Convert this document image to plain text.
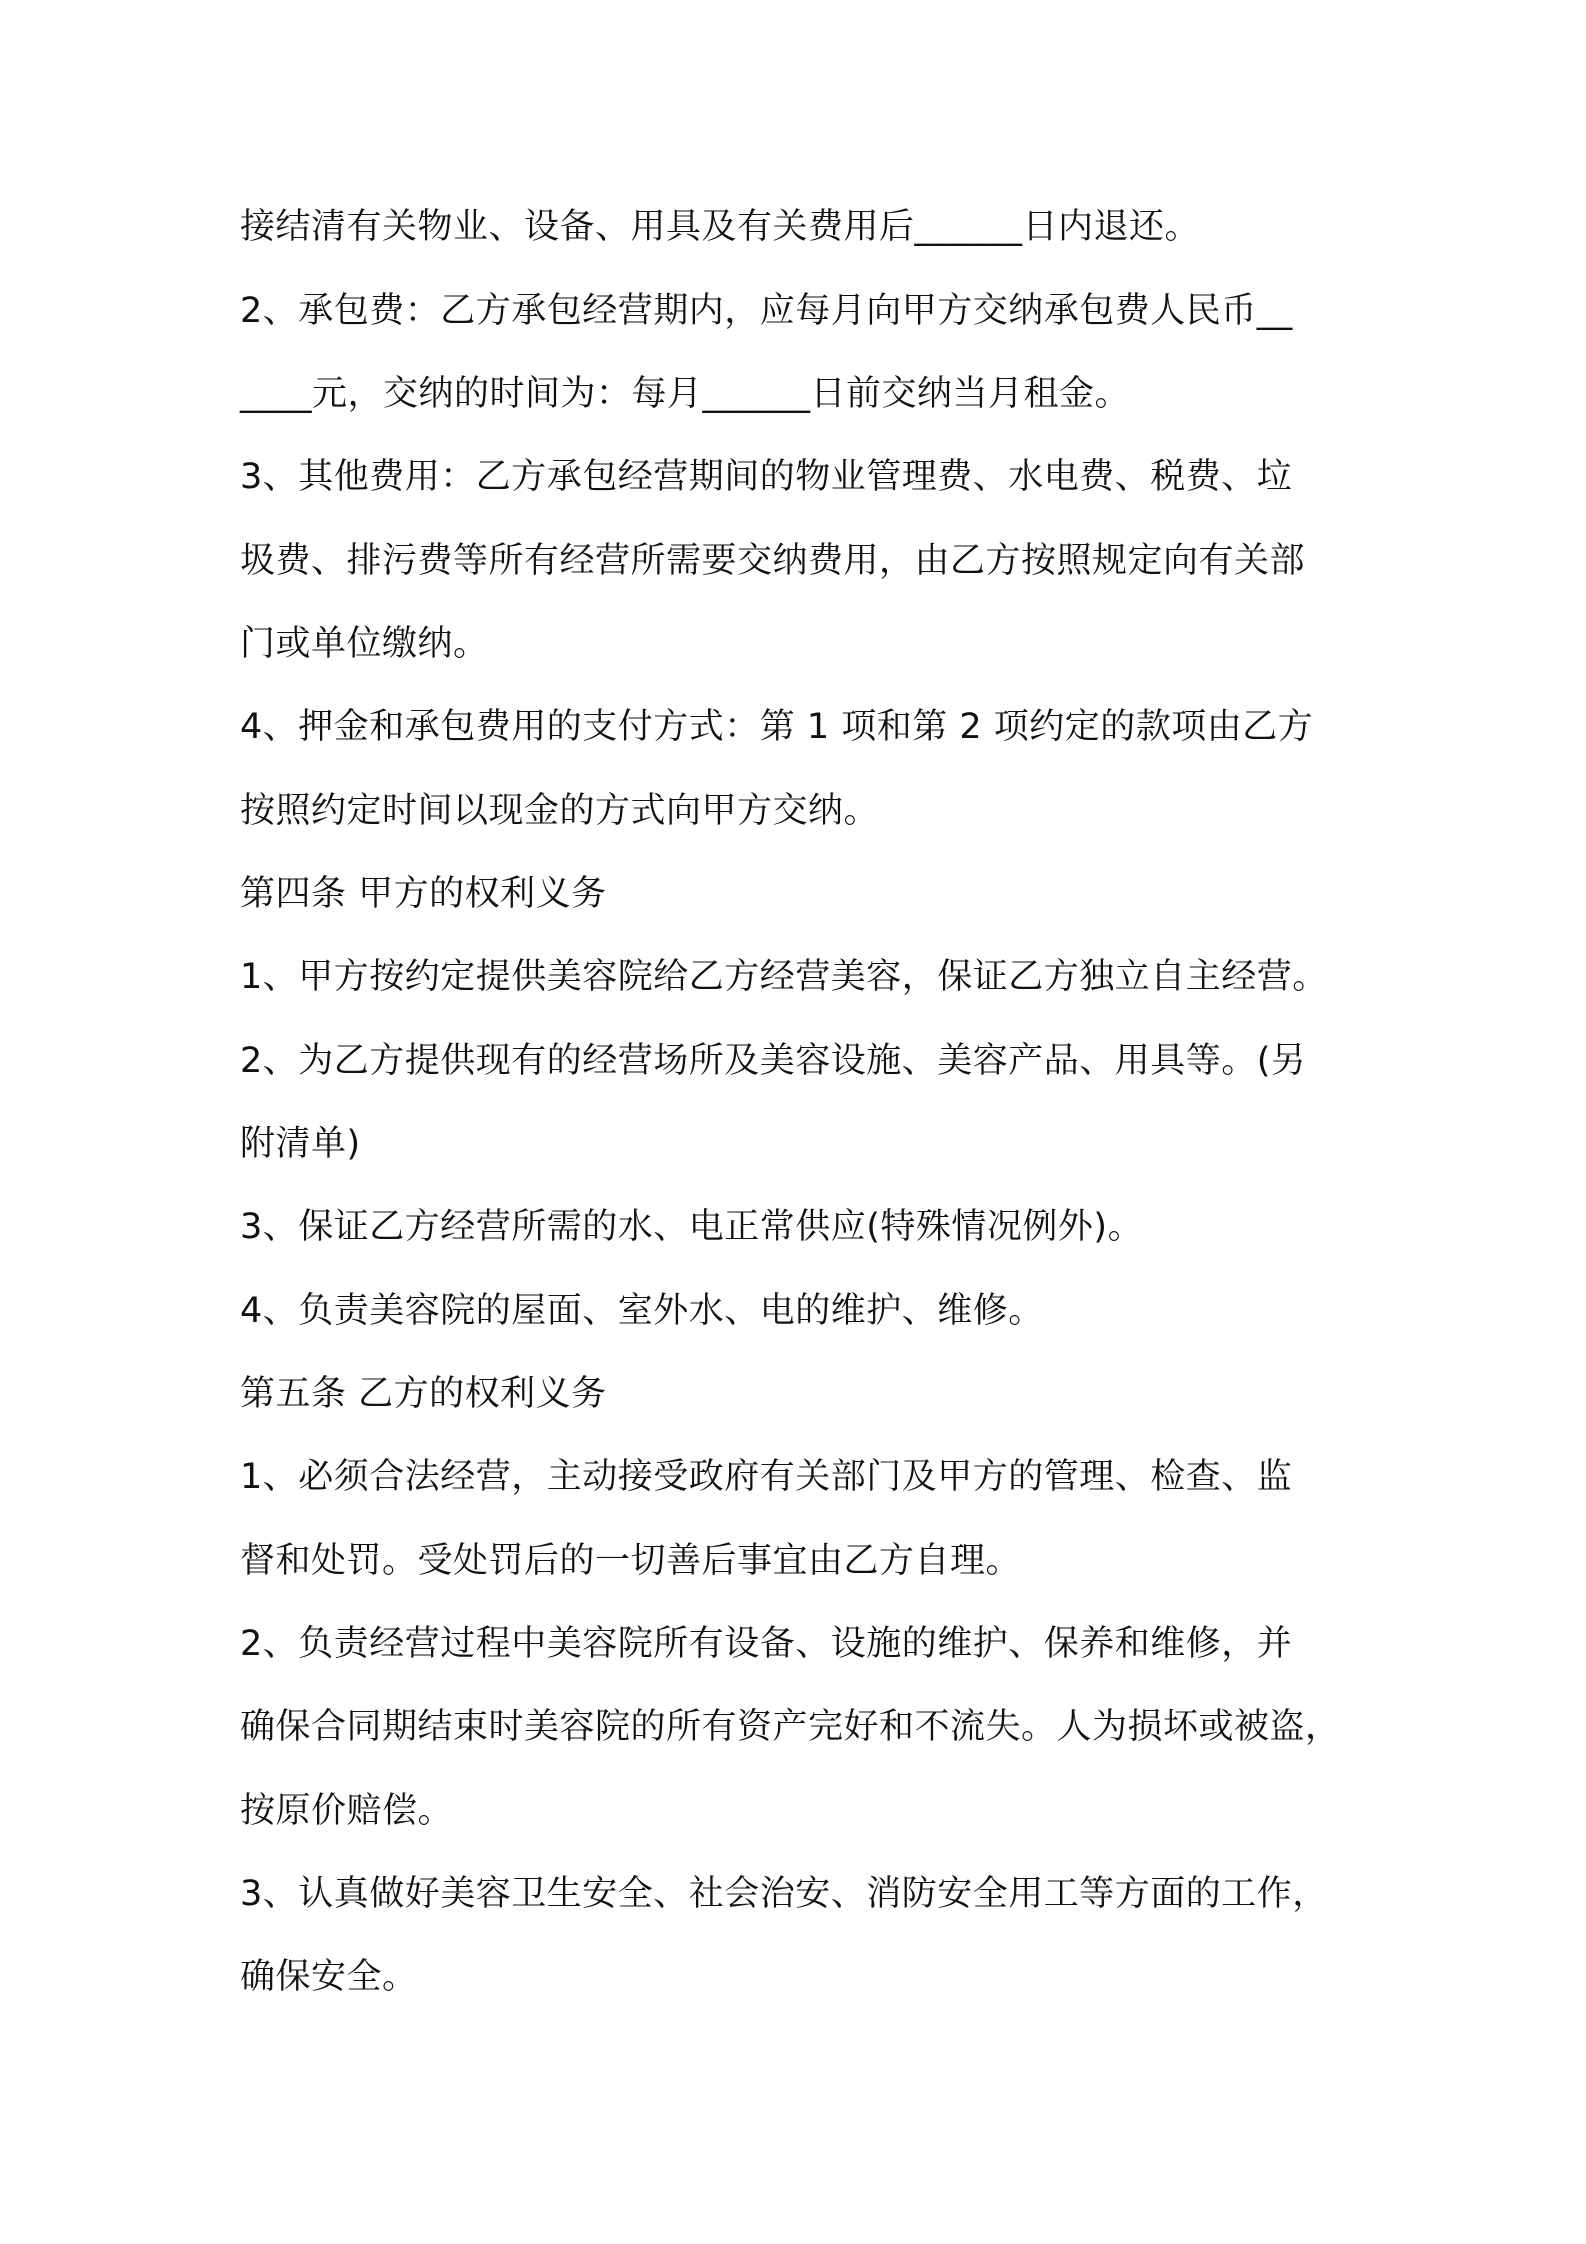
接结清有关物业、设备、用具及有关费用后______日内退还。
2、承包费：乙方承包经营期内，应每月向甲方交纳承包费人民币__
____元，交纳的时间为：每月______日前交纳当月租金。
3、其他费用：乙方承包经营期间的物业管理费、水电费、税费、垃
圾费、排污费等所有经营所需要交纳费用，由乙方按照规定向有关部
门或单位缴纳。
4、押金和承包费用的支付方式：第 1 项和第 2 项约定的款项由乙方
按照约定时间以现金的方式向甲方交纳。
第四条 甲方的权利义务
1、甲方按约定提供美容院给乙方经营美容，保证乙方独立自主经营。
2、为乙方提供现有的经营场所及美容设施、美容产品、用具等。(另
附清单)
3、保证乙方经营所需的水、电正常供应(特殊情况例外)。
4、负责美容院的屋面、室外水、电的维护、维修。
第五条 乙方的权利义务
1、必须合法经营，主动接受政府有关部门及甲方的管理、检查、监
督和处罚。受处罚后的一切善后事宜由乙方自理。
2、负责经营过程中美容院所有设备、设施的维护、保养和维修，并
确保合同期结束时美容院的所有资产完好和不流失。人为损坏或被盗，
按原价赔偿。
3、认真做好美容卫生安全、社会治安、消防安全用工等方面的工作，
确保安全。
